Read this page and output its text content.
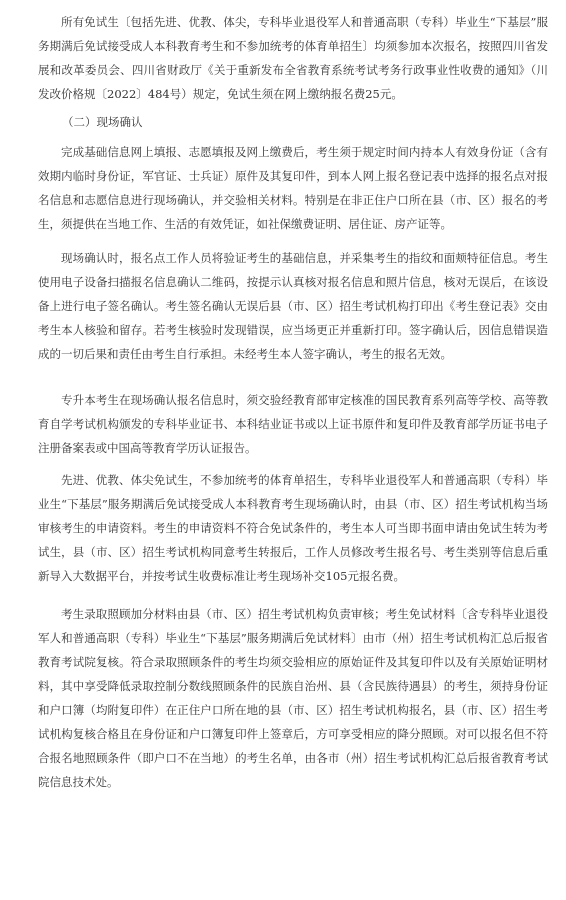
所有免试生〔包括先进、优教、体尖，专科毕业退役军人和普通高职（专科）毕业生“下基层”服务期满后免试接受成人本科教育考生和不参加统考的体育单招生〕均须参加本次报名，按照四川省发展和改革委员会、四川省财政厅《关于重新发布全省教育系统考试考务行政事业性收费的通知》（川发改价格规〔2022〕484号）规定，免试生须在网上缴纳报名费25元。

（二）现场确认

完成基础信息网上填报、志愿填报及网上缴费后，考生须于规定时间内持本人有效身份证（含有效期内临时身份证，军官证、士兵证）原件及其复印件，到本人网上报名登记表中选择的报名点对报名信息和志愿信息进行现场确认，并交验相关材料。特别是在非正住户口所在县（市、区）报名的考生，须提供在当地工作、生活的有效凭证，如社保缴费证明、居住证、房产证等。

现场确认时，报名点工作人员将验证考生的基础信息，并采集考生的指纹和面颊特征信息。考生使用电子设备扫描报名信息确认二维码，按提示认真核对报名信息和照片信息，核对无误后，在该设备上进行电子签名确认。考生签名确认无误后县（市、区）招生考试机构打印出《考生登记表》交由考生本人核验和留存。若考生核验时发现错误，应当场更正并重新打印。签字确认后，因信息错误造成的一切后果和责任由考生自行承担。未经考生本人签字确认，考生的报名无效。

专升本考生在现场确认报名信息时，须交验经教育部审定核准的国民教育系列高等学校、高等教育自学考试机构颁发的专科毕业证书、本科结业证书或以上证书原件和复印件及教育部学历证书电子注册备案表或中国高等教育学历认证报告。

先进、优教、体尖免试生，不参加统考的体育单招生，专科毕业退役军人和普通高职（专科）毕业生“下基层”服务期满后免试接受成人本科教育考生现场确认时，由县（市、区）招生考试机构当场审核考生的申请资料。考生的申请资料不符合免试条件的，考生本人可当即书面申请由免试生转为考试生，县（市、区）招生考试机构同意考生转报后，工作人员修改考生报名号、考生类别等信息后重新导入大数据平台，并按考试生收费标准让考生现场补交105元报名费。

考生录取照顾加分材料由县（市、区）招生考试机构负责审核；考生免试材料〔含专科毕业退役军人和普通高职（专科）毕业生“下基层”服务期满后免试材料〕由市（州）招生考试机构汇总后报省教育考试院复核。符合录取照顾条件的考生均须交验相应的原始证件及其复印件以及有关原始证明材料，其中享受降低录取控制分数线照顾条件的民族自治州、县（含民族待遇县）的考生，须持身份证和户口簿（均附复印件）在正住户口所在地的县（市、区）招生考试机构报名，县（市、区）招生考试机构复核合格且在身份证和户口簿复印件上签章后，方可享受相应的降分照顾。对可以报名但不符合报名地照顾条件（即户口不在当地）的考生名单，由各市（州）招生考试机构汇总后报省教育考试院信息技术处。
